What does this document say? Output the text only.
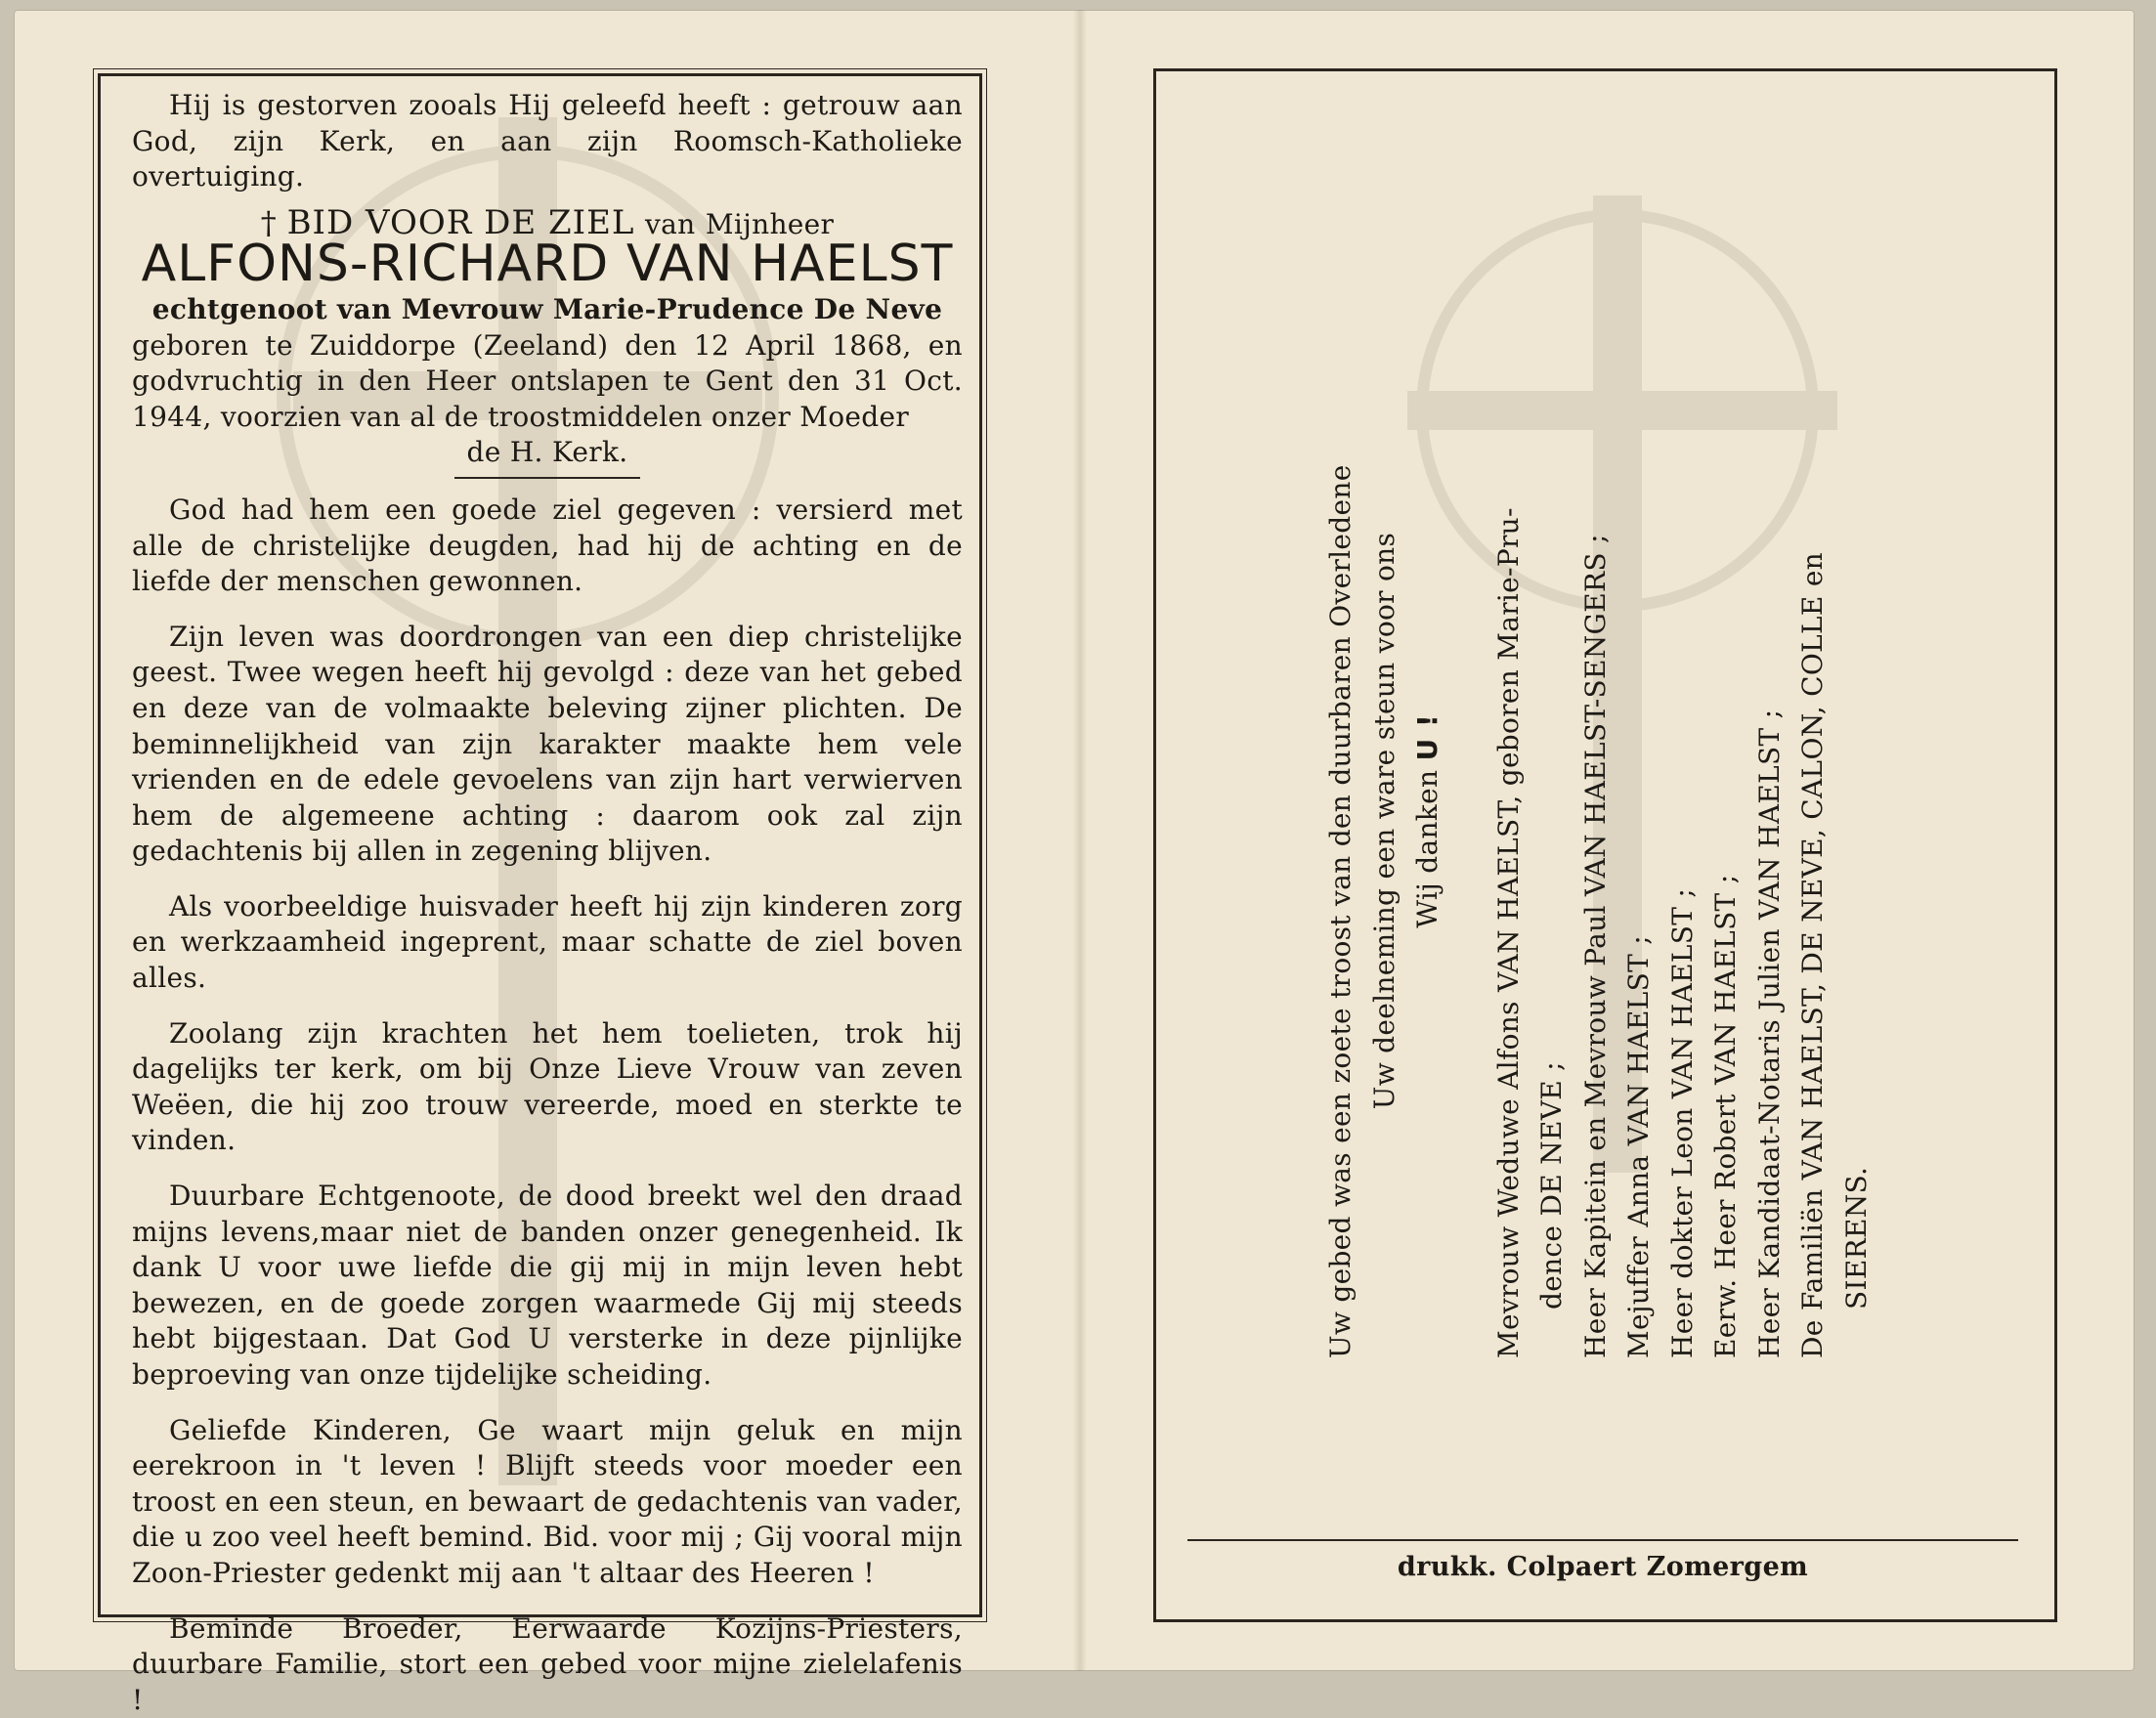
Hij is gestorven zooals Hij geleefd heeft : getrouw aan God, zijn Kerk, en aan zijn Roomsch-Katholieke overtuiging.

† BID VOOR DE ZIEL van Mijnheer
ALFONS-RICHARD VAN HAELST

echtgenoot van Mevrouw Marie-Prudence De Neve

geboren te Zuiddorpe (Zeeland) den 12 April 1868, en godvruchtig in den Heer ontslapen te Gent den 31 Oct. 1944, voorzien van al de troostmiddelen onzer Moeder

de H. Kerk.

God had hem een goede ziel gegeven : versierd met alle de christelijke deugden, had hij de achting en de liefde der menschen gewonnen.

Zijn leven was doordrongen van een diep christelijke geest. Twee wegen heeft hij gevolgd : deze van het gebed en deze van de volmaakte beleving zijner plichten. De beminnelijkheid van zijn karakter maakte hem vele vrienden en de edele gevoelens van zijn hart verwierven hem de algemeene achting : daarom ook zal zijn gedachtenis bij allen in zegening blijven.

Als voorbeeldige huisvader heeft hij zijn kinderen zorg en werkzaamheid ingeprent, maar schatte de ziel boven alles.

Zoolang zijn krachten het hem toelieten, trok hij dagelijks ter kerk, om bij Onze Lieve Vrouw van zeven Weëen, die hij zoo trouw vereerde, moed en sterkte te vinden.

Duurbare Echtgenoote, de dood breekt wel den draad mijns levens,maar niet de banden onzer genegenheid. Ik dank U voor uwe liefde die gij mij in mijn leven hebt bewezen, en de goede zorgen waarmede Gij mij steeds hebt bijgestaan. Dat God U versterke in deze pijnlijke beproeving van onze tijdelijke scheiding.

Geliefde Kinderen, Ge waart mijn geluk en mijn eerekroon in 't leven ! Blijft steeds voor moeder een troost en een steun, en bewaart de gedachtenis van vader, die u zoo veel heeft bemind. Bid. voor mij ; Gij vooral mijn Zoon-Priester gedenkt mij aan 't altaar des Heeren !

Beminde Broeder, Eerwaarde Kozijns-Priesters, duurbare Familie, stort een gebed voor mijne zielelafenis !

Uw gebed was een zoete troost van den duurbaren Overledene Uw deelneming een ware steun voor ons Wij danken U ! Mevrouw Weduwe Alfons VAN HAELST, geboren Marie-Pru- dence DE NEVE ; Heer Kapitein en Mevrouw Paul VAN HAELST-SENGERS ; Mejuffer Anna VAN HAELST ; Heer dokter Leon VAN HAELST ; Eerw. Heer Robert VAN HAELST ; Heer Kandidaat-Notaris Julien VAN HAELST ; De Familiën VAN HAELST, DE NEVE, CALON, COLLE en SIERENS.

drukk. Colpaert Zomergem
